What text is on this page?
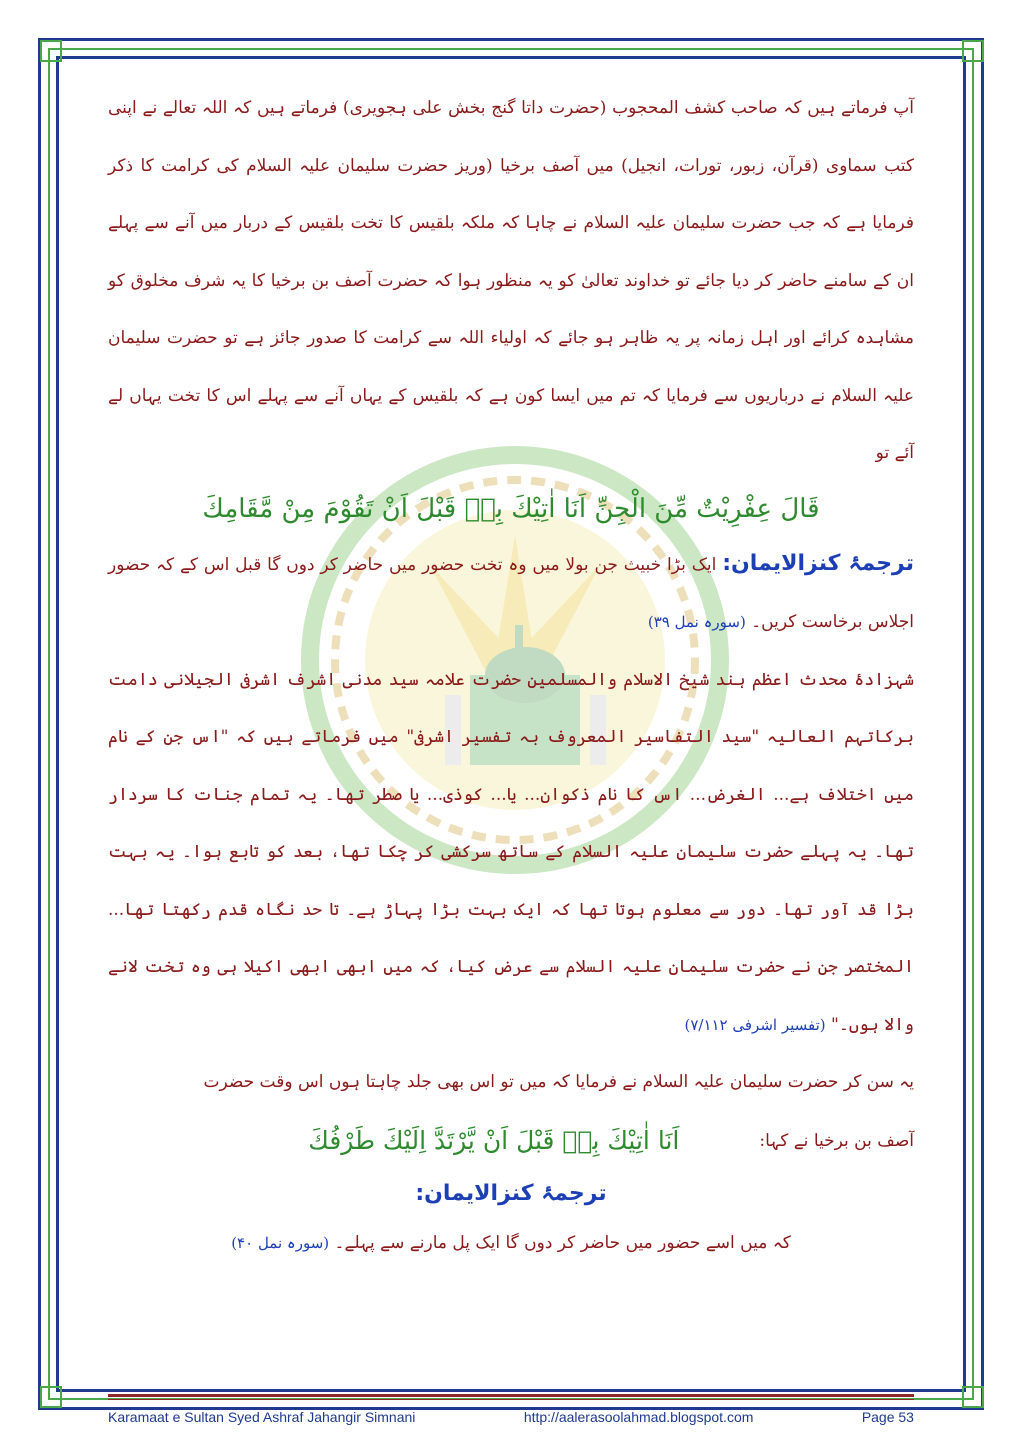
آپ فرماتے ہیں کہ صاحب کشف المحجوب (حضرت داتا گنج بخش علی ہجویری) فرماتے ہیں کہ اللہ تعالے نے اپنی کتب سماوی (قرآن، زبور، تورات، انجیل) میں آصف برخیا (وریز حضرت سلیمان علیہ السلام کی کرامت کا ذکر فرمایا ہے کہ جب حضرت سلیمان علیہ السلام نے چاہا کہ ملکہ بلقیس کا تخت بلقیس کے دربار میں آنے سے پہلے ان کے سامنے حاضر کر دیا جائے تو خداوند تعالیٰ کو یہ منظور ہوا کہ حضرت آصف بن برخیا کا یہ شرف مخلوق کو مشاہدہ کرائے اور اہل زمانہ پر یہ ظاہر ہو جائے کہ اولیاء اللہ سے کرامت کا صدور جائز ہے تو حضرت سلیمان علیہ السلام نے درباریوں سے فرمایا کہ تم میں ایسا کون ہے کہ بلقیس کے یہاں آنے سے پہلے اس کا تخت یہاں لے آئے تو

قَالَ عِفْرِيْتٌ مِّنَ الْجِنِّ اَنَا اٰتِيْكَ بِهٖ قَبْلَ اَنْ تَقُوْمَ مِنْ مَّقَامِكَ

ترجمۂ کنزالایمان: ایک بڑا خبیث جن بولا میں وہ تخت حضور میں حاضر کر دوں گا قبل اس کے کہ حضور اجلاس برخاست کریں۔ (سورہ نمل ۳۹)

شہزادۂ محدث اعظم ہند شیخ الاسلام والمسلمین حضرت علامہ سید مدنی اشرف اشرفی الجیلانی دامت برکاتہم العالیہ "سید التفاسیر المعروف بہ تفسیر اشرفی" میں فرماتے ہیں کہ "اس جن کے نام میں اختلاف ہے... الغرض... اس کا نام ذکوان... یا... کوذی... یا صطر تھا۔ یہ تمام جنات کا سردار تھا۔ یہ پہلے حضرت سلیمان علیہ السلام کے ساتھ سرکشی کر چکا تھا، بعد کو تابع ہوا۔ یہ بہت بڑا قد آور تھا۔ دور سے معلوم ہوتا تھا کہ ایک بہت بڑا پہاڑ ہے۔ تا حد نگاہ قدم رکھتا تھا... المختصر جن نے حضرت سلیمان علیہ السلام سے عرض کیا، کہ میں ابھی ابھی اکیلا ہی وہ تخت لانے والا ہوں۔" (تفسیر اشرفی ۷/۱۱۲)

یہ سن کر حضرت سلیمان علیہ السلام نے فرمایا کہ میں تو اس بھی جلد چاہتا ہوں اس وقت حضرت

آصف بن برخیا نے کہا:
اَنَا اٰتِيْكَ بِهٖ قَبْلَ اَنْ يَّرْتَدَّ اِلَيْكَ طَرْفُكَ
ترجمۂ کنزالایمان:
کہ میں اسے حضور میں حاضر کر دوں گا ایک پل مارنے سے پہلے۔ (سورہ نمل ۴۰)
Karamaat e Sultan Syed Ashraf Jahangir Simnani	http://aalerasoolahmad.blogspot.com	Page 53
